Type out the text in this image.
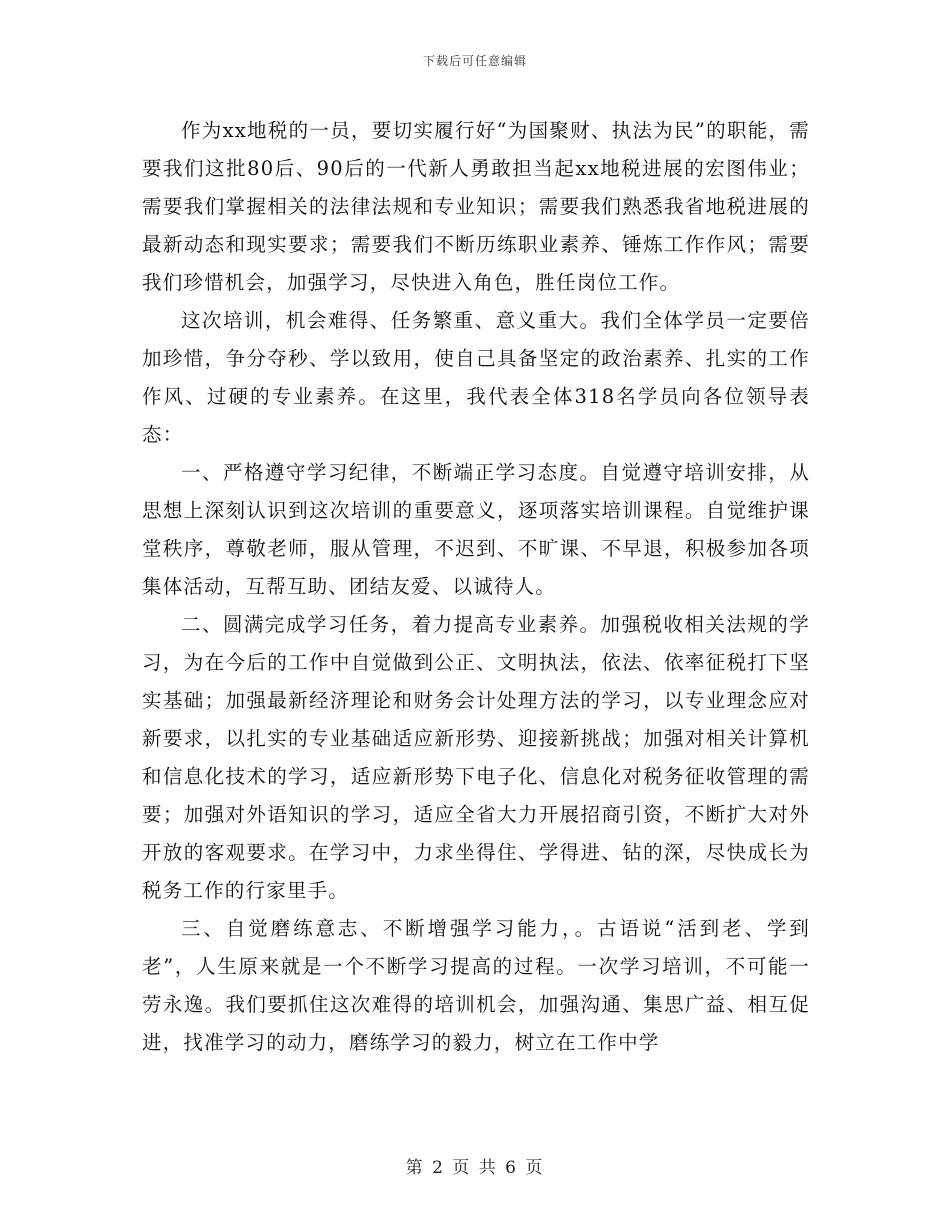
下载后可任意编辑

作为xx地税的一员，要切实履行好“为国聚财、执法为民”的职能，需要我们这批80后、90后的一代新人勇敢担当起xx地税进展的宏图伟业；需要我们掌握相关的法律法规和专业知识；需要我们熟悉我省地税进展的最新动态和现实要求；需要我们不断历练职业素养、锤炼工作作风；需要我们珍惜机会，加强学习，尽快进入角色，胜任岗位工作。

这次培训，机会难得、任务繁重、意义重大。我们全体学员一定要倍加珍惜，争分夺秒、学以致用，使自己具备坚定的政治素养、扎实的工作作风、过硬的专业素养。在这里，我代表全体318名学员向各位领导表态：

一、严格遵守学习纪律，不断端正学习态度。自觉遵守培训安排，从思想上深刻认识到这次培训的重要意义，逐项落实培训课程。自觉维护课堂秩序，尊敬老师，服从管理，不迟到、不旷课、不早退，积极参加各项集体活动，互帮互助、团结友爱、以诚待人。

二、圆满完成学习任务，着力提高专业素养。加强税收相关法规的学习，为在今后的工作中自觉做到公正、文明执法，依法、依率征税打下坚实基础；加强最新经济理论和财务会计处理方法的学习，以专业理念应对新要求，以扎实的专业基础适应新形势、迎接新挑战；加强对相关计算机和信息化技术的学习，适应新形势下电子化、信息化对税务征收管理的需要；加强对外语知识的学习，适应全省大力开展招商引资，不断扩大对外开放的客观要求。在学习中，力求坐得住、学得进、钻的深，尽快成长为税务工作的行家里手。

三、自觉磨练意志、不断增强学习能力，。古语说“活到老、学到老”，人生原来就是一个不断学习提高的过程。一次学习培训，不可能一劳永逸。我们要抓住这次难得的培训机会，加强沟通、集思广益、相互促进，找准学习的动力，磨练学习的毅力，树立在工作中学

第 2 页 共 6 页
